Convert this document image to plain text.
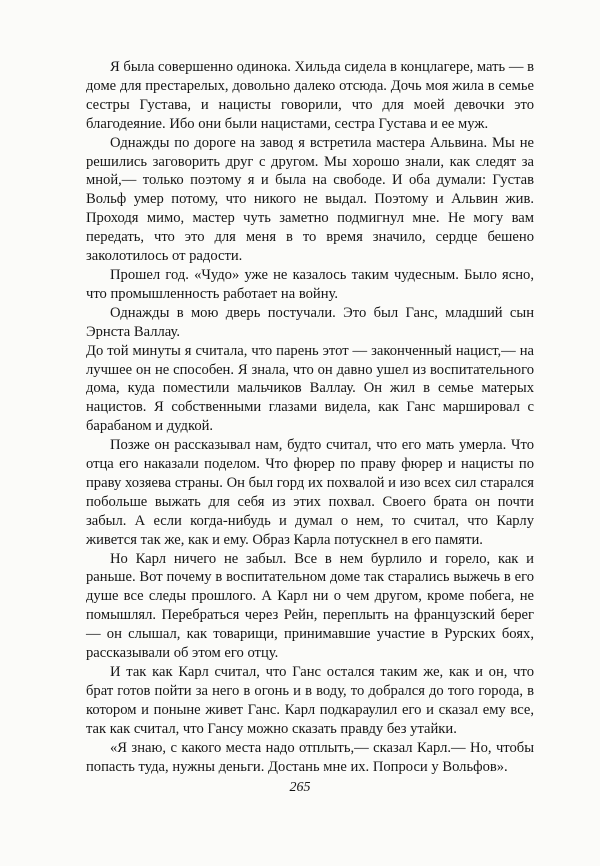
Я была совершенно одинока. Хильда сидела в концлагере, мать — в доме для престарелых, довольно далеко отсюда. Дочь моя жила в семье сестры Густава, и нацисты говорили, что для моей девочки это благодеяние. Ибо они были нацистами, сестра Густава и ее муж.

Однажды по дороге на завод я встретила мастера Альвина. Мы не решились заговорить друг с другом. Мы хорошо знали, как следят за мной,— только поэтому я и была на свободе. И оба думали: Густав Вольф умер потому, что никого не выдал. Поэтому и Альвин жив. Проходя мимо, мастер чуть заметно подмигнул мне. Не могу вам передать, что это для меня в то время значило, сердце бешено заколотилось от радости.

Прошел год. «Чудо» уже не казалось таким чудесным. Было ясно, что промышленность работает на войну.

Однажды в мою дверь постучали. Это был Ганс, младший сын Эрнста Валлау.

До той минуты я считала, что парень этот — законченный нацист,— на лучшее он не способен. Я знала, что он давно ушел из воспитательного дома, куда поместили мальчиков Валлау. Он жил в семье матерых нацистов. Я собственными глазами видела, как Ганс маршировал с барабаном и дудкой.

Позже он рассказывал нам, будто считал, что его мать умерла. Что отца его наказали поделом. Что фюрер по праву фюрер и нацисты по праву хозяева страны. Он был горд их похвалой и изо всех сил старался побольше выжать для себя из этих похвал. Своего брата он почти забыл. А если когда-нибудь и думал о нем, то считал, что Карлу живется так же, как и ему. Образ Карла потускнел в его памяти.

Но Карл ничего не забыл. Все в нем бурлило и горело, как и раньше. Вот почему в воспитательном доме так старались выжечь в его душе все следы прошлого. А Карл ни о чем другом, кроме побега, не помышлял. Перебраться через Рейн, переплыть на французский берег — он слышал, как товарищи, принимавшие участие в Рурских боях, рассказывали об этом его отцу.

И так как Карл считал, что Ганс остался таким же, как и он, что брат готов пойти за него в огонь и в воду, то добрался до того города, в котором и поныне живет Ганс. Карл подкараулил его и сказал ему все, так как считал, что Гансу можно сказать правду без утайки.

«Я знаю, с какого места надо отплыть,— сказал Карл.— Но, чтобы попасть туда, нужны деньги. Достань мне их. Попроси у Вольфов».

265
